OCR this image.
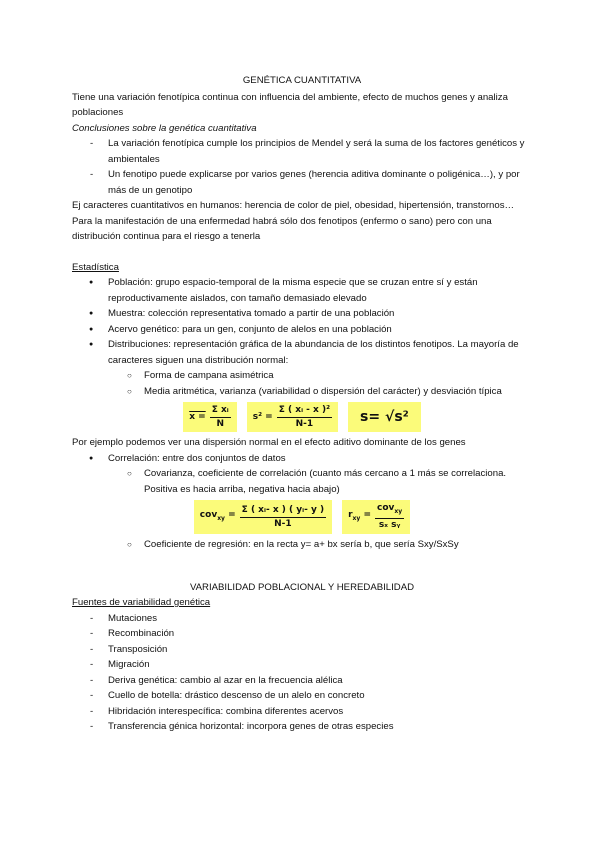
GENÉTICA CUANTITATIVA

Tiene una variación fenotípica continua con influencia del ambiente, efecto de muchos genes y analiza poblaciones

Conclusiones sobre la genética cuantitativa

- La variación fenotípica cumple los principios de Mendel y será la suma de los factores genéticos y ambientales
- Un fenotipo puede explicarse por varios genes (herencia aditiva dominante o poligénica…), y por más de un genotipo

Ej caracteres cuantitativos en humanos: herencia de color de piel, obesidad, hipertensión, transtornos… Para la manifestación de una enfermedad habrá sólo dos fenotipos (enfermo o sano) pero con una distribución continua para el riesgo a tenerla

Estadística

● Población: grupo espacio-temporal de la misma especie que se cruzan entre sí y están reproductivamente aislados, con tamaño demasiado elevado
● Muestra: colección representativa tomado a partir de una población
● Acervo genético: para un gen, conjunto de alelos en una población
● Distribuciones: representación gráfica de la abundancia de los distintos fenotipos. La mayoría de caracteres siguen una distribución normal:
○ Forma de campana asimétrica
○ Media aritmética, varianza (variabilidad o dispersión del carácter) y desviación típica
$x = \frac{\text{Σ xᵢ}}{N} s^2 = \frac{\text{Σ ( xᵢ - x )²}}{N-1}$	s= √s²

Por ejemplo podemos ver una dispersión normal en el efecto aditivo dominante de los genes

● Correlación: entre dos conjuntos de datos
○ Covarianza, coeficiente de correlación (cuanto más cercano a 1 más se correlaciona. Positiva es hacia arriba, negativa hacia abajo)
$cov_{xy} = \frac{\text{Σ ( xᵢ- x ) ( yᵢ- y )}}{N-1} r_{xy} = \frac{cov_{xy}}{\text{sₓ sᵧ}}$
○ Coeficiente de regresión: en la recta y= a+ bx sería b, que sería Sxy/SxSy

VARIABILIDAD POBLACIONAL Y HEREDABILIDAD

Fuentes de variabilidad genética

- Mutaciones
- Recombinación
- Transposición
- Migración
- Deriva genética: cambio al azar en la frecuencia alélica
- Cuello de botella: drástico descenso de un alelo en concreto
- Hibridación interespecífica: combina diferentes acervos
- Transferencia génica horizontal: incorpora genes de otras especies
